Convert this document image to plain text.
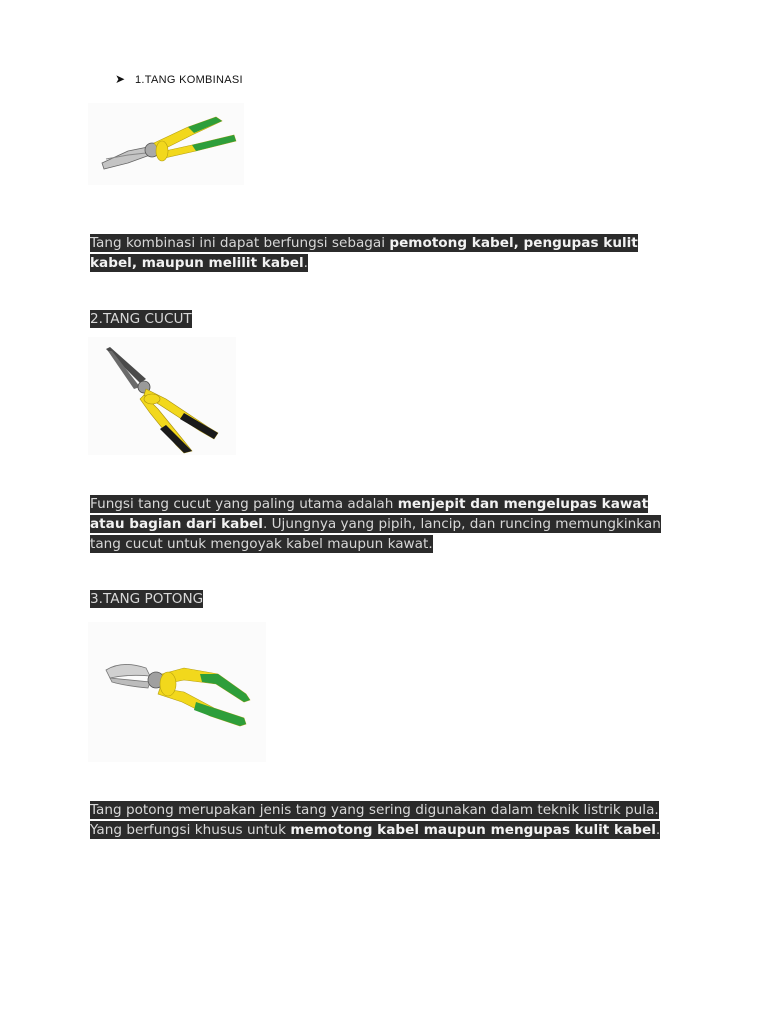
➤ 1.TANG KOMBINASI
Tang kombinasi ini dapat berfungsi sebagai pemotong kabel, pengupas kulit kabel, maupun melilit kabel.
2.TANG CUCUT
Fungsi tang cucut yang paling utama adalah menjepit dan mengelupas kawat atau bagian dari kabel. Ujungnya yang pipih, lancip, dan runcing memungkinkan tang cucut untuk mengoyak kabel maupun kawat.
3.TANG POTONG
Tang potong merupakan jenis tang yang sering digunakan dalam teknik listrik pula. Yang berfungsi khusus untuk memotong kabel maupun mengupas kulit kabel.
